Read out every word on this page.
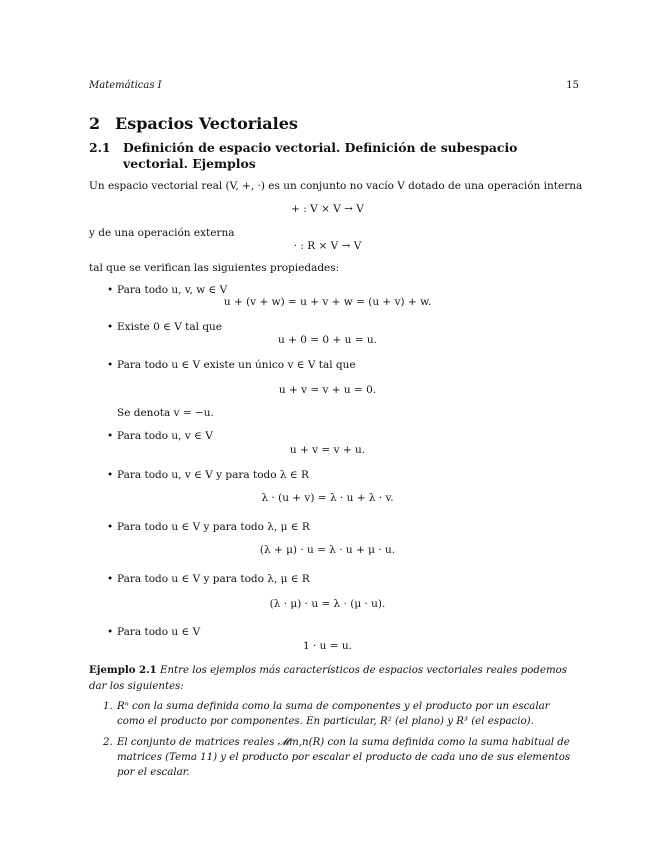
Matemáticas I	15
2 Espacios Vectoriales
2.1 Definición de espacio vectorial. Definición de subespacio vectorial. Ejemplos
Un espacio vectorial real (V, +, ·) es un conjunto no vacío V dotado de una operación interna
+ : V × V → V
y de una operación externa
· : R × V → V
tal que se verifican las siguientes propiedades:
• Para todo u, v, w ∈ V
u + (v + w) = u + v + w = (u + v) + w.
• Existe 0 ∈ V tal que
u + 0 = 0 + u = u.
• Para todo u ∈ V existe un único v ∈ V tal que
u + v = v + u = 0.
Se denota v = −u.
• Para todo u, v ∈ V
u + v = v + u.
• Para todo u, v ∈ V y para todo λ ∈ R
λ · (u + v) = λ · u + λ · v.
• Para todo u ∈ V y para todo λ, μ ∈ R
(λ + μ) · u = λ · u + μ · u.
• Para todo u ∈ V y para todo λ, μ ∈ R
(λ · μ) · u = λ · (μ · u).
• Para todo u ∈ V
1 · u = u.
Ejemplo 2.1 Entre los ejemplos más característicos de espacios vectoriales reales podemos dar los siguientes:
1. Rⁿ con la suma definida como la suma de componentes y el producto por un escalar como el producto por componentes. En particular, R² (el plano) y R³ (el espacio).
2. El conjunto de matrices reales 𝓜m,n(R) con la suma definida como la suma habitual de matrices (Tema 11) y el producto por escalar el producto de cada uno de sus elementos por el escalar.
